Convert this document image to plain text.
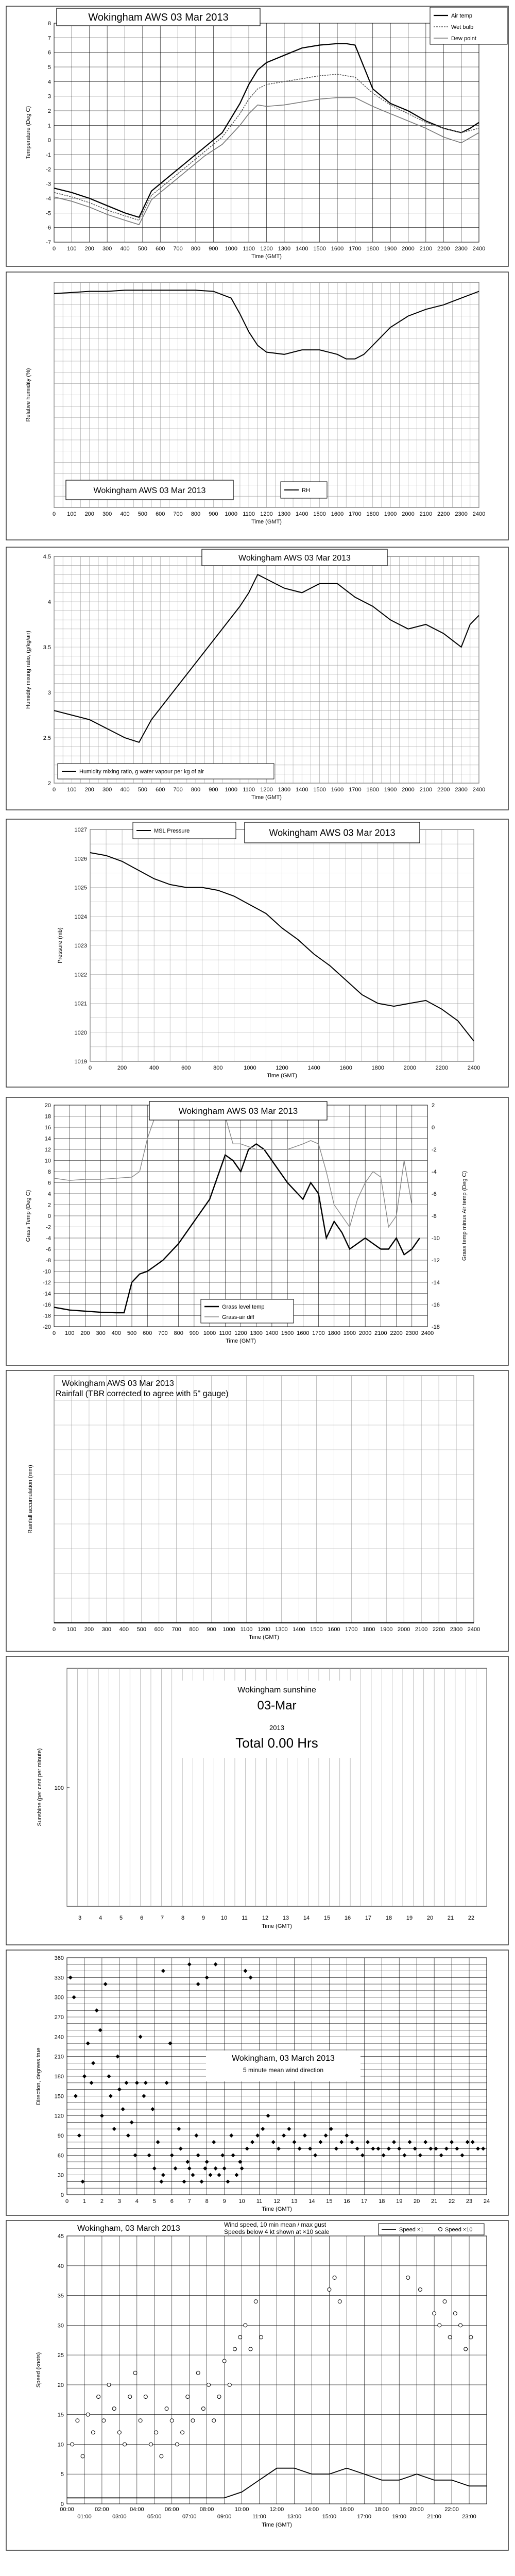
8
7
6
5
4
3
2
1
0
-1
-2
-3
-4
-5
-6
-7
0 100 200 300 400 500 600 700 800 900 1000 1100 1200 1300 1400 1500 1600 1700 1800 1900 2000 2100 2200 2300 2400
Time (GMT)
Temperature (Deg C)
Wokingham AWS 03 Mar 2013	Air temp
Wet bulb
Dew point
0 100 200 300 400 500 600 700 800 900 1000 1100 1200 1300 1400 1500 1600 1700 1800 1900 2000 2100 2200 2300 2400
Time (GMT)
Relative humidity (%)
Wokingham AWS 03 Mar 2013	RH
4.5
4
3.5
3
2.5
2
0 100 200 300 400 500 600 700 800 900 1000 1100 1200 1300 1400 1500 1600 1700 1800 1900 2000 2100 2200 2300 2400
Time (GMT)
Humidity mixing ratio, (g/kg/air)
Wokingham AWS 03 Mar 2013
Humidity mixing ratio, g water vapour per kg of air
1027
1026
1025
1024
1023
1022
1021
1020
1019
0	200	400	600	800	1000	1200	1400	1600	1800	2000	2200	2400
Time (GMT)
Pressure (mb)
MSL Pressure	Wokingham AWS 03 Mar 2013
20
18
16
14
12
10
8
6
4
2
0
-2
-4
-6
-8
-10
-12
-14
-16
-18
-20
2
0
-2
-4
-6
-8
-10
-12
-14
-16
-18
0 100 200 300 400 500 600 700 800 900 1000 1100 1200 1300 1400 1500 1600 1700 1800 1900 2000 2100 2200 2300 2400
Time (GMT)
Grass Temp (Deg C)	Grass temp minus Air temp (Deg C)
Wokingham AWS 03 Mar 2013
Grass level temp
Grass-air diff
0 100 200 300 400 500 600 700 800 900 1000 1100 1200 1300 1400 1500 1600 1700 1800 1900 2000 2100 2200 2300 2400
Time (GMT)
Rainfall accumulation (mm)
Wokingham AWS 03 Mar 2013
Rainfall (TBR corrected to agree with 5" gauge)
100
3	4	5	6	7	8	9	10	11	12	13	14	15	16	17	18	19	20	21	22
Time (GMT)
Sunshine (per cent per minute)
Wokingham sunshine
03-Mar
2013
Total 0.00 Hrs
360
330
300
270
240
210
180
150
120
90
60
30
0
0	1	2	3	4	5	6	7	8	9 10 11 12 13 14 15 16 17 18 19 20 21 22 23 24
Time (GMT)
Direction, degrees true	Wokingham, 03 March 2013
5 minute mean wind direction
45
40
35
30
25
20
15
10
5
0
00:00	02:00	04:00	06:00	08:00	10:00	12:00	14:00	16:00	18:00	20:00	22:00
01:00	03:00	05:00	07:00	09:00	11:00	13:00	15:00	17:00	19:00	21:00	23:00
Time (GMT)
Speed (knots)
Wokingham, 03 March 2013	Wind speed, 10 min mean / max gust
Speeds below 4 kt shown at ×10 scale	Speed ×1	Speed ×10
